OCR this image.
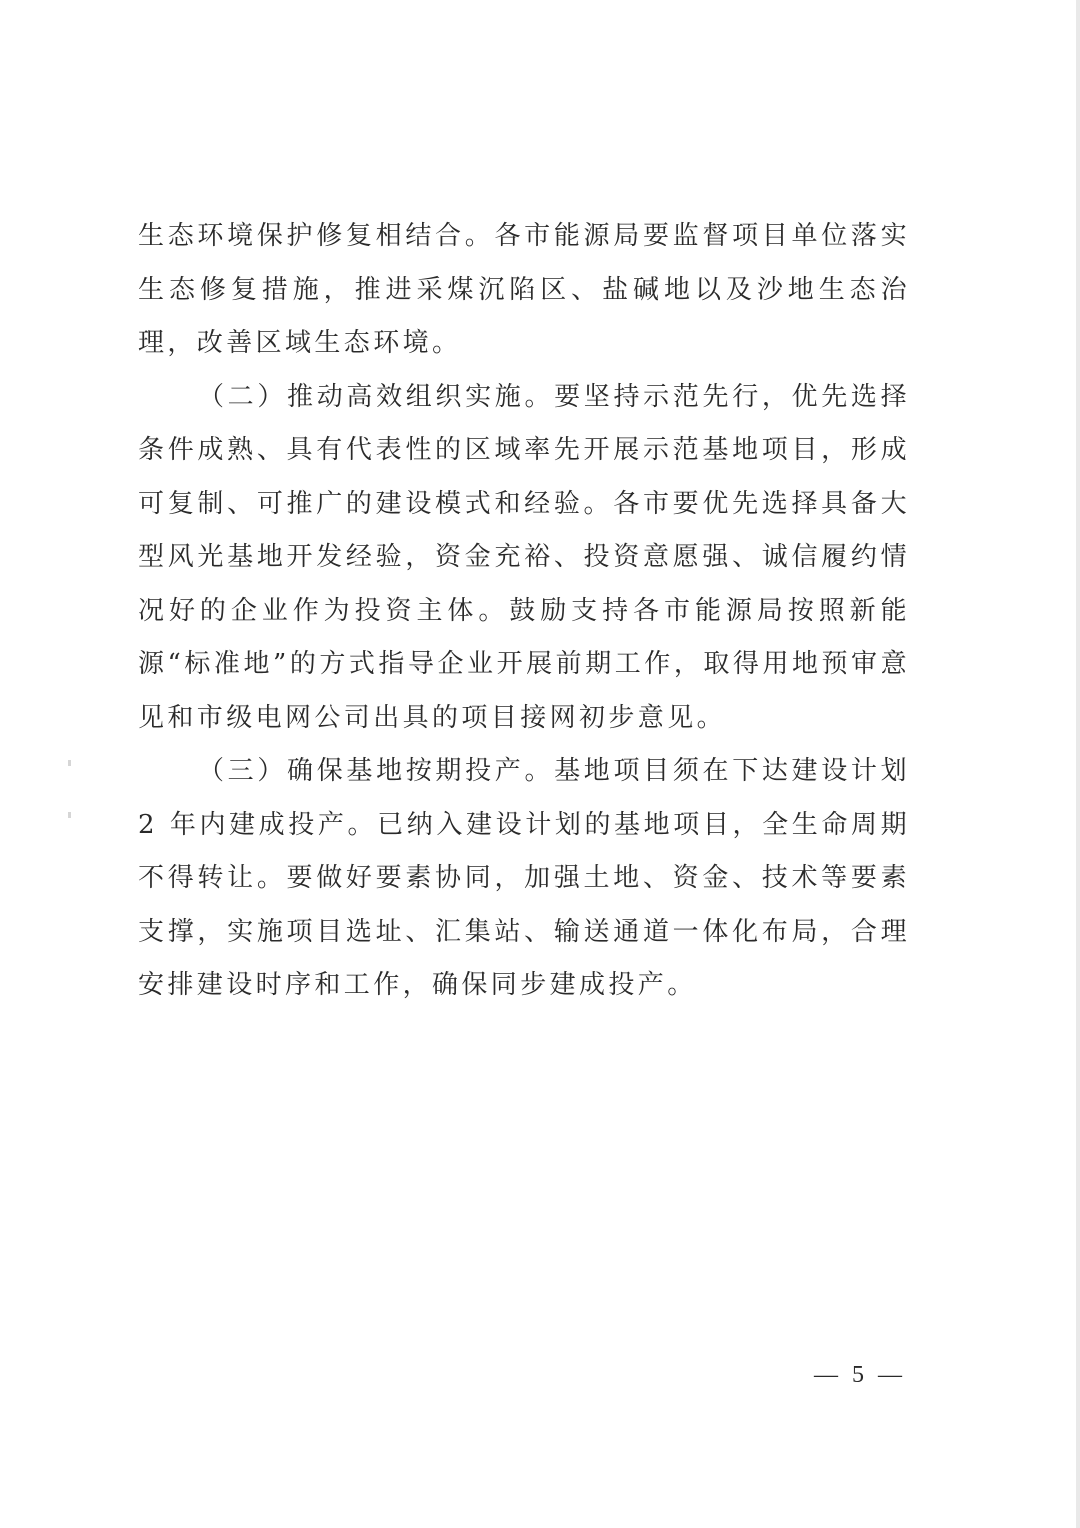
生态环境保护修复相结合。各市能源局要监督项目单位落实生态修复措施，推进采煤沉陷区、盐碱地以及沙地生态治理，改善区域生态环境。

（二）推动高效组织实施。要坚持示范先行，优先选择条件成熟、具有代表性的区域率先开展示范基地项目，形成可复制、可推广的建设模式和经验。各市要优先选择具备大型风光基地开发经验，资金充裕、投资意愿强、诚信履约情况好的企业作为投资主体。鼓励支持各市能源局按照新能源“标准地”的方式指导企业开展前期工作，取得用地预审意见和市级电网公司出具的项目接网初步意见。

（三）确保基地按期投产。基地项目须在下达建设计划 2 年内建成投产。已纳入建设计划的基地项目，全生命周期不得转让。要做好要素协同，加强土地、资金、技术等要素支撑，实施项目选址、汇集站、输送通道一体化布局，合理安排建设时序和工作，确保同步建成投产。

— 5 —
